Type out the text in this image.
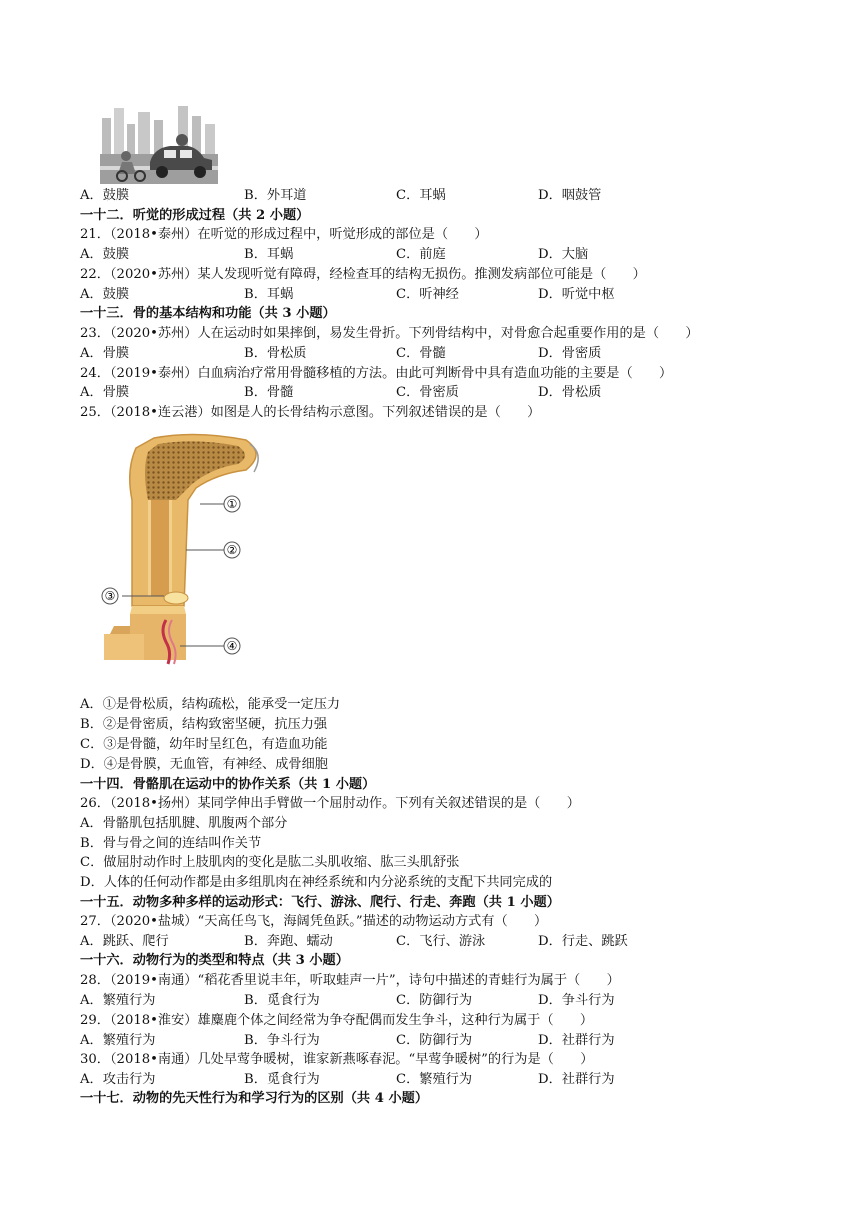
A．鼓膜	B．外耳道	C．耳蜗	D．咽鼓管
一十二．听觉的形成过程（共 2 小题）
21．（2018•泰州）在听觉的形成过程中，听觉形成的部位是（　　）
A．鼓膜	B．耳蜗	C．前庭	D．大脑
22．（2020•苏州）某人发现听觉有障碍，经检查耳的结构无损伤。推测发病部位可能是（　　）
A．鼓膜	B．耳蜗	C．听神经	D．听觉中枢
一十三．骨的基本结构和功能（共 3 小题）
23．（2020•苏州）人在运动时如果摔倒，易发生骨折。下列骨结构中，对骨愈合起重要作用的是（　　）
A．骨膜	B．骨松质	C．骨髓	D．骨密质
24．（2019•泰州）白血病治疗常用骨髓移植的方法。由此可判断骨中具有造血功能的主要是（　　）
A．骨膜	B．骨髓	C．骨密质	D．骨松质
25．（2018•连云港）如图是人的长骨结构示意图。下列叙述错误的是（　　）
①
②
③
④
A．①是骨松质，结构疏松，能承受一定压力
B．②是骨密质，结构致密坚硬，抗压力强
C．③是骨髓，幼年时呈红色，有造血功能
D．④是骨膜，无血管，有神经、成骨细胞
一十四．骨骼肌在运动中的协作关系（共 1 小题）
26．（2018•扬州）某同学伸出手臂做一个屈肘动作。下列有关叙述错误的是（　　）
A．骨骼肌包括肌腱、肌腹两个部分
B．骨与骨之间的连结叫作关节
C．做屈肘动作时上肢肌肉的变化是肱二头肌收缩、肱三头肌舒张
D．人体的任何动作都是由多组肌肉在神经系统和内分泌系统的支配下共同完成的
一十五．动物多种多样的运动形式：飞行、游泳、爬行、行走、奔跑（共 1 小题）
27．（2020•盐城）“天高任鸟飞，海阔凭鱼跃。”描述的动物运动方式有（　　）
A．跳跃、爬行	B．奔跑、蠕动	C．飞行、游泳	D．行走、跳跃
一十六．动物行为的类型和特点（共 3 小题）
28．（2019•南通）“稻花香里说丰年，听取蛙声一片”，诗句中描述的青蛙行为属于（　　）
A．繁殖行为	B．觅食行为	C．防御行为	D．争斗行为
29．（2018•淮安）雄麋鹿个体之间经常为争夺配偶而发生争斗，这种行为属于（　　）
A．繁殖行为	B．争斗行为	C．防御行为	D．社群行为
30．（2018•南通）几处早莺争暖树，谁家新燕啄春泥。“早莺争暖树”的行为是（　　）
A．攻击行为	B．觅食行为	C．繁殖行为	D．社群行为
一十七．动物的先天性行为和学习行为的区别（共 4 小题）
